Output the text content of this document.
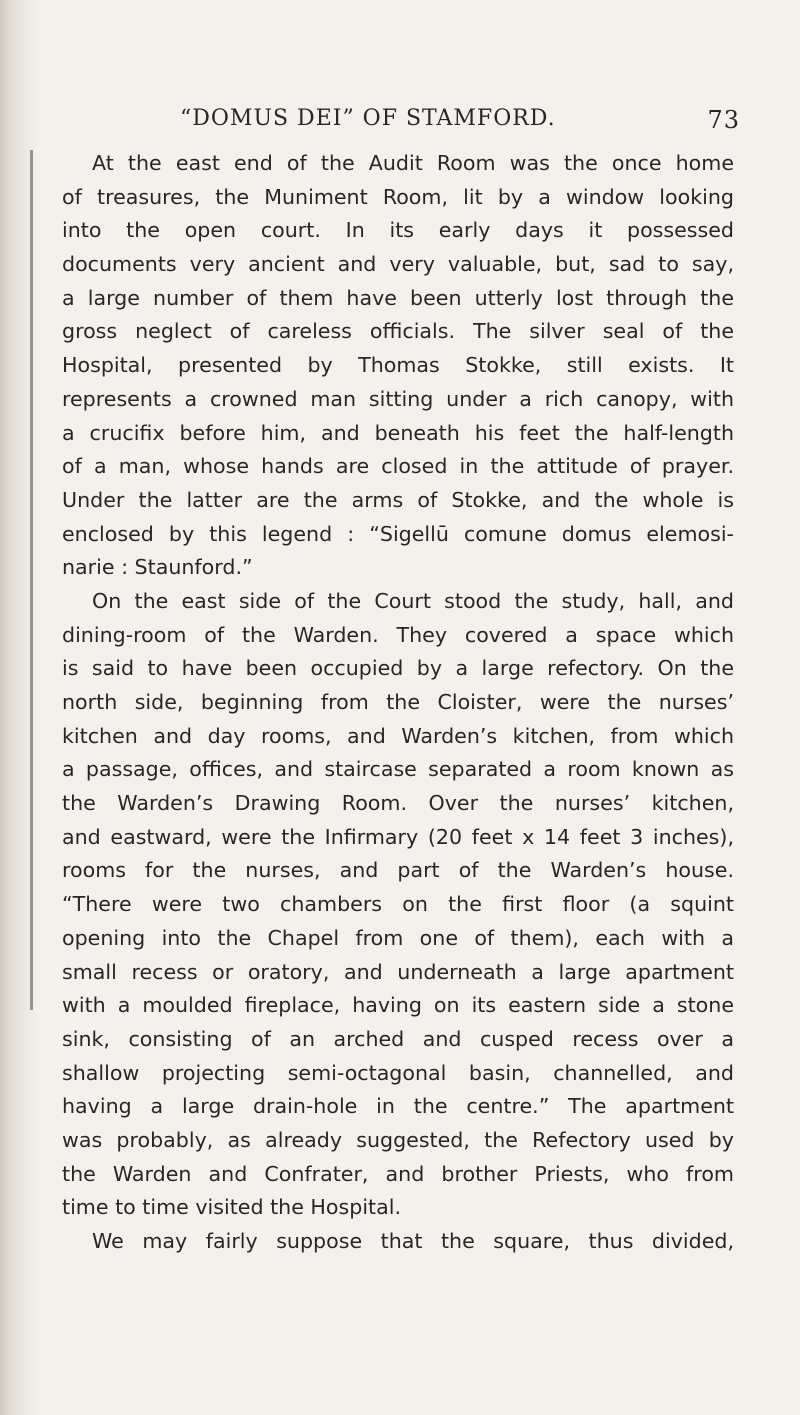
“DOMUS DEI” OF STAMFORD.	73
At the east end of the Audit Room was the once home
of treasures, the Muniment Room, lit by a window looking
into the open court. In its early days it possessed
documents very ancient and very valuable, but, sad to say,
a large number of them have been utterly lost through the
gross neglect of careless officials. The silver seal of the
Hospital, presented by Thomas Stokke, still exists. It
represents a crowned man sitting under a rich canopy, with
a crucifix before him, and beneath his feet the half-length
of a man, whose hands are closed in the attitude of prayer.
Under the latter are the arms of Stokke, and the whole is
enclosed by this legend : “Sigellū comune domus elemosi-
narie : Staunford.”
On the east side of the Court stood the study, hall, and
dining-room of the Warden. They covered a space which
is said to have been occupied by a large refectory. On the
north side, beginning from the Cloister, were the nurses’
kitchen and day rooms, and Warden’s kitchen, from which
a passage, offices, and staircase separated a room known as
the Warden’s Drawing Room. Over the nurses’ kitchen,
and eastward, were the Infirmary (20 feet x 14 feet 3 inches),
rooms for the nurses, and part of the Warden’s house.
“There were two chambers on the first floor (a squint
opening into the Chapel from one of them), each with a
small recess or oratory, and underneath a large apartment
with a moulded fireplace, having on its eastern side a stone
sink, consisting of an arched and cusped recess over a
shallow projecting semi-octagonal basin, channelled, and
having a large drain-hole in the centre.” The apartment
was probably, as already suggested, the Refectory used by
the Warden and Confrater, and brother Priests, who from
time to time visited the Hospital.
We may fairly suppose that the square, thus divided,
